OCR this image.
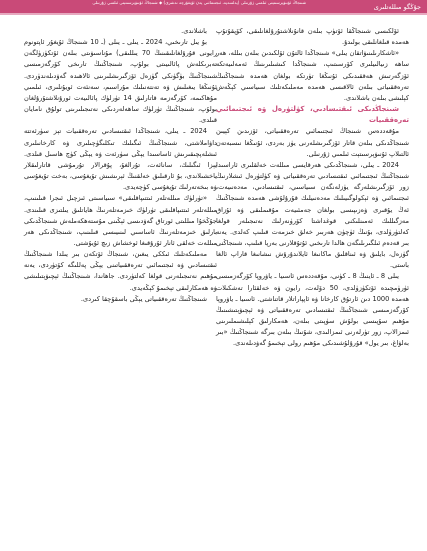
شىنجاڭ ئۇنىۋېرسىتېتى ئىلمىي ژۇرنىلى (پەلسەپە، ئىجتىمائىي پەن ئۇيغۇرچە نەشرى) ◆ شىنجاڭ ئۇنىۋېرسىتېتى ئىلمىي ژۇرنىلى
جۇڭگو مىللەتلىرى

ئۆلكىسى شىنجاڭقا ئۆتۈپ بىلەن قانۇنلاشتۇرۇلغانلىقى، كۆپقۇتۇپ ھەمدە قىلغانلىقى بولىدۇ.

«ئاشكارىلىنىۋاتقان يىلى» شىنجاڭدا ئالتۇن ئۆلكىدىن بىلەن بىللە، ھەر ساھە زىيالىيلىرى كۆرسىتىپ، شىنجاڭدا كىشىلىرىنىڭ ئەمەلىيەتكە ئۆزگەرتىش ھەققىدىكى ئۇنىڭغا تۈرتكە بولغان ھەمدە شىنجاڭنىڭ تەرەققىياتى بىلەن ئالاقىسى ھەمدە مەملىكەتلىك سىياسىي كېڭەش كېلىشى بىلەن باشلاندى.

شىنجاڭدىكى ئىقتىسادىي، كۈلتۈرەل ۋە ئىجتىمائىي تەرەققىيات

مۇقەددەس شىنجاڭ ئىجتىمائىي تەرەققىياتى، ئۆزىدىن كېيىن شىنجاڭدىكى بىلەن قاتار ئۆزگىرىشلەرنى يۈز بەردى، ئۇنىڭغا نىسبەتەن ئالتىلاپ ئۇنىۋېرسىتېت ئىلمىي ژۇرنىلى.

2024 ـ يىلى، شىنجاڭدىكى ھەرقايسى مىللەت خەلقلىرى ئاراسىدا شىنجاڭنىڭ ئىجتىمائىي ئىقتىسادىي تەرەققىياتى ۋە كۈلتۈرەل ئىشلارنىڭ زور ئۆزگىرىشلەرگە يۈزلەنگەن سىياسىي، ئىقتىسادىي، مەدەنىيەت، ئىجتىمائىي ۋە ئېكولوگىيىلىك مەدەنىيلىك قۇرۇلۇشى ھەمدە شىنجاڭنىڭ ئەڭ يۇقىرى ۋەزىپىسى بولغان جەمئىيەت مۇقىملىقى ۋە ئۇزاق مەزگىللىك ئەمىنلىكنى قوغداشتا كۆرۈنەرلىك نەتىجىلەر قولغا كەلتۈرۈلدى، بۇنىڭ ئۈچۈن ھەربىر خەلق خىزمەت قىلىپ كەلدى. يەنە بىر قەدەم ئىلگىرىلىگەن ھالدا تارىخىي ئۇتۇقلارنى بەرپا قىلىپ، شىنجاڭنى گۈزەل، بايلىق ۋە ئىناقلىق ماكانىغا ئايلاندۇرۇش نىشانىغا قاراپ ئالغا باستى.

يىلى 8 ـ ئاينىڭ 8 ـ كۈنى، مۇقەددەس ئاسىيا ـ ياۋروپا كۆرگەزمىسى ئۈرۈمچىدە ئۆتكۈزۈلدى، 50 دۆلەت، رايون ۋە خەلقئارا تەشكىلات ھەمدە 1000 دىن ئارتۇق كارخانا ۋە ئاپپاراتلار قاتناشتى. ئاسىيا ـ ياۋروپا كۆرگەزمىسى شىنجاڭنىڭ ئىقتىسادىي تەرەققىياتى ۋە ئېچىۋېتىشىنىڭ مۇھىم سۇپىسى بولۇش سۈپىتى بىلەن، ھەمكارلىق كېلىشىملىرىنى ئىمزالاپ، زور تۈرلەرنى ئىمزالىدى، شۇنىڭ بىلەن بىرگە شىنجاڭنىڭ «بىر بەلۋاغ، بىر يول» قۇرۇلۇشىدىكى مۇھىم رولى تېخىمۇ گەۋدىلەندى.

باشلاندى.

بۇ يىل تارىخىي، 2024 ـ يىلى ـ يىلى (ـ 10 شىنجاڭ ئۇيغۇر ئاپتونوم رايونى قۇرۇلغانلىقىنىڭ 70 يىللىقى) مۇناسىۋىتى بىلەن ئۆتكۈزۈلگەن تەبرىكلەش پائالىيىتى بولۇپ، شىنجاڭنىڭ تارىخى كۆرگەزمىسى شىنجاڭنىڭ بۈگۈنكى گۈزەل ئۆزگىرىشلىرىنى ئالاھىدە گەۋدىلەندۈردى. ئۇنىڭغا يىغىلىش ۋە تەنتەنىلىك مۇراسىم، سەنئەت ئويۇنلىرى، ئىلمىي مۇھاكىمە، كۆرگەزمە قاتارلىق 14 تۈرلۈك پائالىيەت ئورۇنلاشتۇرۇلغان بولۇپ، شىنجاڭنىڭ تۈرلۈك ساھەلەردىكى نەتىجىلىرىنى تولۇق نامايان قىلدى.

2024 ـ يىلى، شىنجاڭدا ئىقتىسادىي تەرەققىيات تېز سۈرئەتتە داۋاملاشتى، شىنجاڭنىڭ ئىگىلىك تىكلىگۈچىلىرى ۋە كارخانىلىرى ئىشلەپچىقىرىش ئاساسىدا يېڭى سۈرئەت ۋە يېڭى كۈچ ھاسىل قىلدى. يېزا ئىگىلىك، سانائەت، تۇرالغۇ، پۇقرالار تۇرمۇشى قاتارلىقلار ياخشىلاندى، بۇ ئارقىلىق خەلقنىڭ ئېرىشىش تۇيغۇسى، بەخت تۇيغۇسى ۋە بىخەتەرلىك تۇيغۇسى كۈچەيدى.

«تۈرلۈك مىللەتلەر ئىتتىپاقلىقى» سىياسىتى ئىزچىل ئىجرا قىلىنىپ، مىللەتلەر ئىتتىپاقلىقى تۈرلۈك خىزمەتلەرنىڭ ھاياتلىق يىلتىزى قىلىندى. جۇڭخۇا مىللىتى ئورتاق گەۋدىسى ئېڭىنى مۇستەھكەملەش شىنجاڭدىكى بارلىق خىزمەتلەرنىڭ ئاساسىي لىنىيىسى قىلىنىپ، شىنجاڭدىكى ھەر مىللەت خەلقى ئانار ئۇرۇقىغا ئوخشاش زىچ ئۇيۇشتى.

مەملىكەتلىك ئىككى يىغىن، شىنجاڭ ئۆتكەن بىر يىلدا شىنجاڭنىڭ ئىقتىسادىي ۋە ئىجتىمائىي تەرەققىياتىنى يېڭى پەللىگە كۆتۈردى، يەنە مۇھىم نەتىجىلەرنى قولغا كەلتۈردى. جاھاندا، شىنجاڭنىڭ ئېچىۋېتىلىشى ۋە ھەمكارلىقى تېخىمۇ كېڭەيدى.

شىنجاڭنىڭ تەرەققىياتى يېڭى باسقۇچقا كىردى.
